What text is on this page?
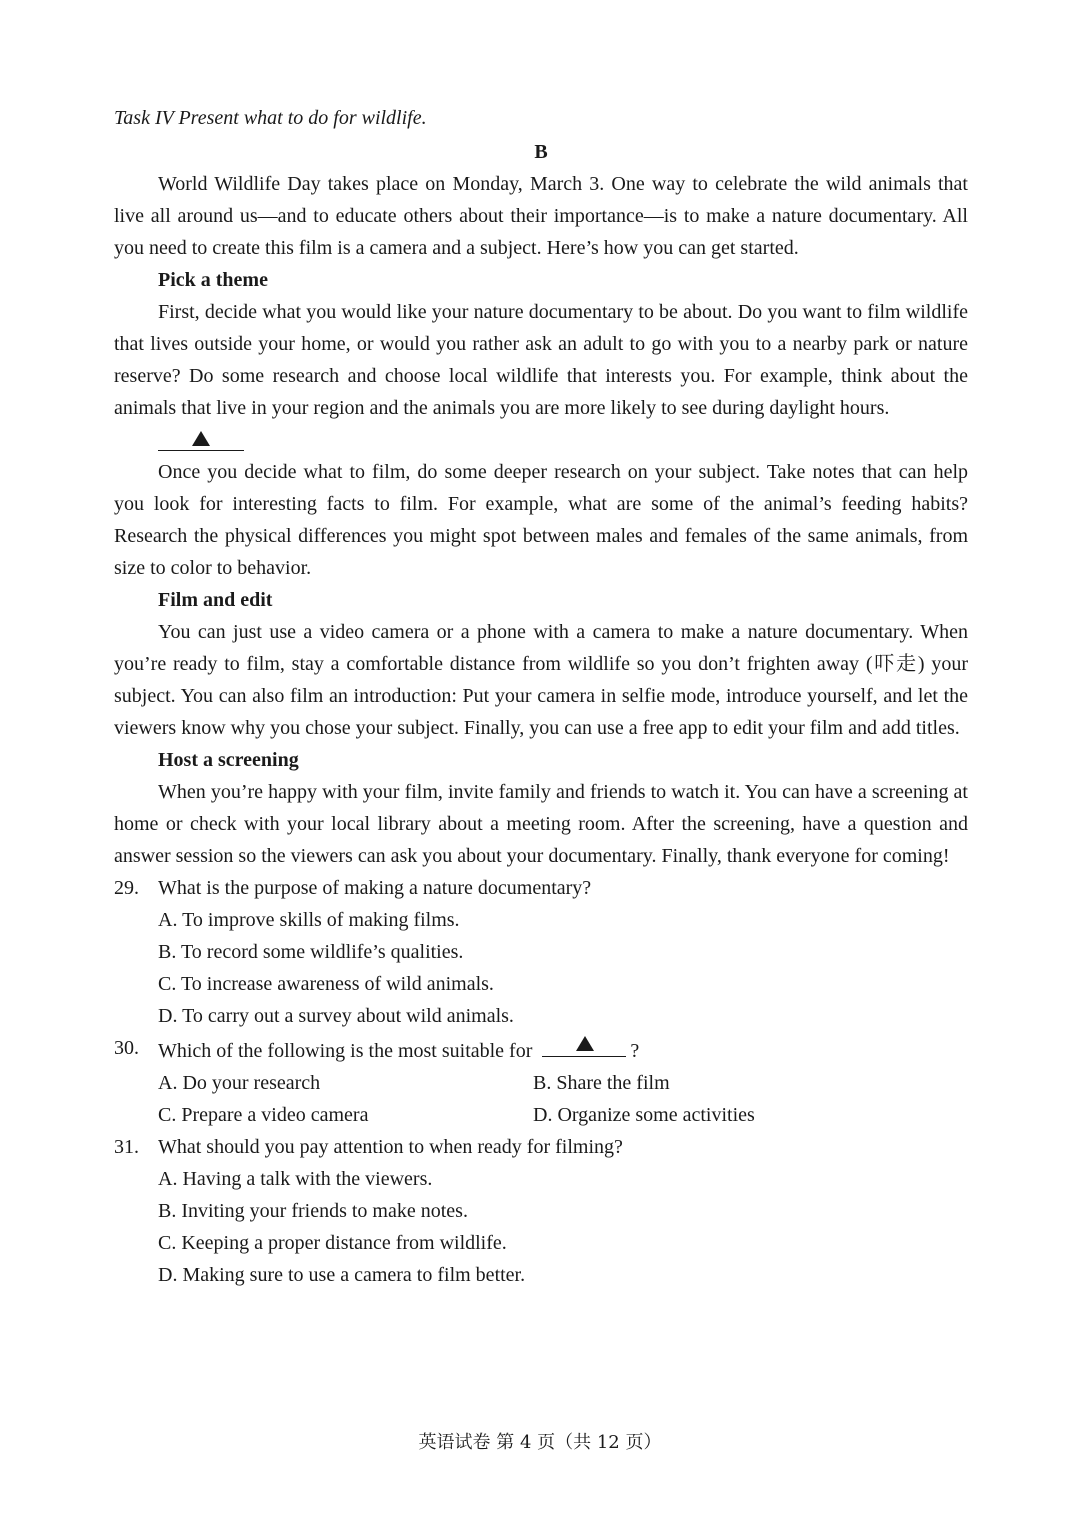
Task IV Present what to do for wildlife.
B

World Wildlife Day takes place on Monday, March 3. One way to celebrate the wild animals that live all around us—and to educate others about their importance—is to make a nature documentary. All you need to create this film is a camera and a subject. Here’s how you can get started.

Pick a theme

First, decide what you would like your nature documentary to be about. Do you want to film wildlife that lives outside your home, or would you rather ask an adult to go with you to a nearby park or nature reserve? Do some research and choose local wildlife that interests you. For example, think about the animals that live in your region and the animals you are more likely to see during daylight hours.

Once you decide what to film, do some deeper research on your subject. Take notes that can help you look for interesting facts to film. For example, what are some of the animal’s feeding habits? Research the physical differences you might spot between males and females of the same animals, from size to color to behavior.

Film and edit

You can just use a video camera or a phone with a camera to make a nature documentary. When you’re ready to film, stay a comfortable distance from wildlife so you don’t frighten away (吓走) your subject. You can also film an introduction: Put your camera in selfie mode, introduce yourself, and let the viewers know why you chose your subject. Finally, you can use a free app to edit your film and add titles.

Host a screening

When you’re happy with your film, invite family and friends to watch it. You can have a screening at home or check with your local library about a meeting room. After the screening, have a question and answer session so the viewers can ask you about your documentary. Finally, thank everyone for coming!

29. What is the purpose of making a nature documentary?
A. To improve skills of making films.
B. To record some wildlife’s qualities.
C. To increase awareness of wild animals.
D. To carry out a survey about wild animals.
30. Which of the following is the most suitable for	?
A. Do your research	B. Share the film
C. Prepare a video camera	D. Organize some activities
31. What should you pay attention to when ready for filming?
A. Having a talk with the viewers.
B. Inviting your friends to make notes.
C. Keeping a proper distance from wildlife.
D. Making sure to use a camera to film better.
英语试卷 第 4 页（共 12 页）
